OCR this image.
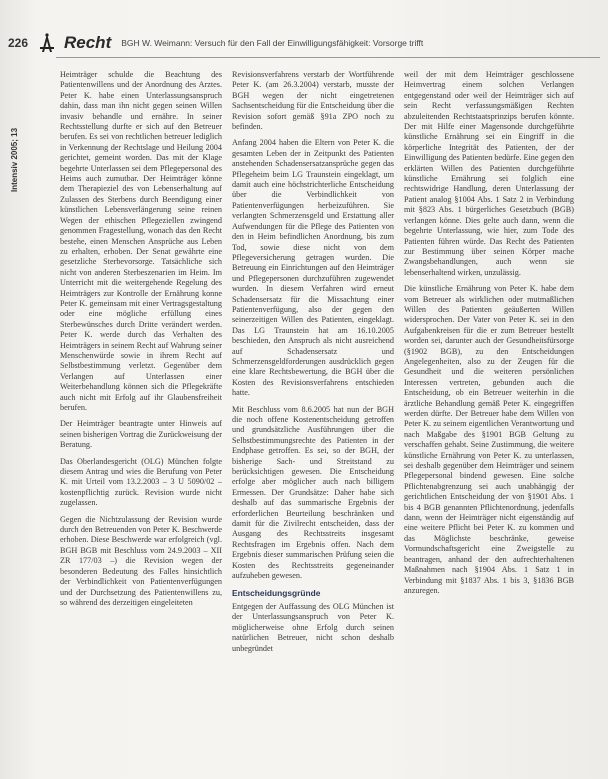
226 Recht BGH W. Weimann: Versuch für den Fall der Einwilligungsfähigkeit: Vorsorge trifft
Intensiv 2005; 13

Heimträger schulde die Beachtung des Patientenwillens und der Anordnung des Arztes. Peter K. habe einen Unterlassungsanspruch dahin, dass man ihn nicht gegen seinen Willen invasiv behandle und ernähre. In seiner Rechtsstellung durfte er sich auf den Betreuer berufen. Es sei von rechtlichen betreuer lediglich in Verkennung der Rechtslage und Heilung 2004 gerichtet, gemeint worden. Das mit der Klage begehrte Unterlassen sei dem Pflegepersonal des Heims auch zumutbar. Der Heimträger könne dem Therapieziel des von Lebenserhaltung auf Zulassen des Sterbens durch Beendigung einer künstlichen Lebensverlängerung seine reinen Wegen der ethischen Pflegeziellen zwingend genommen Fragestellung, wonach das den Recht bestehe, einen Menschen Ansprüche aus Leben zu erhalten, erhoben. Der Senat gewährte eine gesetzliche Sterbevorsorge. Tatsächliche sich nicht von anderen Sterbeszenarien im Heim. Im Unterricht mit die weitergehende Regelung des Heimträgers zur Kontrolle der Ernährung konne Peter K. gemeinsam mit einer Vertragsgestaltung oder eine mögliche erfüllung eines Sterbewünsches durch Dritte verändert werden. Peter K. werde durch das Verhalten des Heimträgers in seinem Recht auf Wahrung seiner Menschenwürde sowie in ihrem Recht auf Selbstbestimmung verletzt. Gegenüber dem Verlangen auf Unterlassen einer Weiterbehandlung können sich die Pflegekräfte auch nicht mit Erfolg auf ihr Glaubensfreiheit berufen.

Der Heimträger beantragte unter Hinweis auf seinen bisherigen Vortrag die Zurückweisung der Beratung.

Das Oberlandesgericht (OLG) München folgte diesem Antrag und wies die Berufung von Peter K. mit Urteil vom 13.2.2003 – 3 U 5090/02 – kostenpflichtig zurück. Revision wurde nicht zugelassen.

Gegen die Nichtzulassung der Revision wurde durch den Betreuenden von Peter K. Beschwerde erhoben. Diese Beschwerde war erfolgreich (vgl. BGH BGB mit Beschluss vom 24.9.2003 – XII ZR 177/03 –) die Revision wegen der besonderen Bedeutung des Falles hinsichtlich der Verbindlichkeit von Patientenverfügungen und der Durchsetzung des Patientenwillens zu, so während des derzeitigen eingeleiteten

Revisionsverfahrens verstarb der Wortführende Peter K. (am 26.3.2004) verstarb, musste der BGH wegen der nicht eingetretenen Sachsentscheidung für die Entscheidung über die Revision sofort gemäß §91a ZPO noch zu befinden.

Anfang 2004 haben die Eltern von Peter K. die gesamten Leben der in Zeitpunkt des Patienten anstehenden Schadensersatzansprüche gegen das Pflegeheim beim LG Traunstein eingeklagt, um damit auch eine höchstrichterliche Entscheidung über die Verbindlichkeit von Patientenverfügungen herbeizuführen. Sie verlangten Schmerzensgeld und Erstattung aller Aufwendungen für die Pflege des Patienten von den in Heim befindlichen Anordnung, bis zum Tod, sowie diese nicht von dem Pflegeversicherung getragen wurden. Die Betreuung ein Einrichtungen auf den Heimträger und Pflegepersonen durchzuführen zugewendet wurden. In diesem Verfahren wird erneut Schadensersatz für die Missachtung einer Patientenverfügung, also der gegen den seinerzeitigen Willen des Patienten, eingeklagt. Das LG Traunstein hat am 16.10.2005 beschieden, den Anspruch als nicht ausreichend auf Schadensersatz und Schmerzensgeldforderungen ausdrücklich gegen eine klare Rechtsbewertung, die BGH über die Kosten des Revisionsverfahrens entschieden hatte.

Mit Beschluss vom 8.6.2005 hat nun der BGH die noch offene Kostenentscheidung getroffen und grundsätzliche Ausführungen über die Selbstbestimmungsrechte des Patienten in der Endphase getroffen. Es sei, so der BGH, der bisherige Sach- und Streitstand zu berücksichtigen gewesen. Die Entscheidung erfolge aber möglicher auch nach billigem Ermessen. Der Grundsätze: Daher habe sich deshalb auf das summarische Ergebnis der erforderlichen Beurteilung beschränken und damit für die Zivilrecht entscheiden, dass der Ausgang des Rechtsstreits insgesamt Rechtsfragen im Ergebnis offen. Nach dem Ergebnis dieser summarischen Prüfung seien die Kosten des Rechtsstreits gegeneinander aufzuheben gewesen.

Entscheidungsgründe

Entgegen der Auffassung des OLG München ist der Unterlassungsanspruch von Peter K. möglicherweise ohne Erfolg durch seinen natürlichen Betreuer, nicht schon deshalb unbegründet

weil der mit dem Heimträger geschlossene Heimvertrag einem solchen Verlangen entgegenstand oder weil der Heimträger sich auf sein Recht verfassungsmäßigen Rechten abzuleitenden Rechtstaatsprinzips berufen könnte. Der mit Hilfe einer Magensonde durchgeführte künstliche Ernährung sei ein Eingriff in die körperliche Integrität des Patienten, der der Einwilligung des Patienten bedürfe. Eine gegen den erklärten Willen des Patienten durchgeführte künstliche Ernährung sei folglich eine rechtswidrige Handlung, deren Unterlassung der Patient analog §1004 Abs. 1 Satz 2 in Verbindung mit §823 Abs. 1 bürgerliches Gesetzbuch (BGB) verlangen könne. Dies gelte auch dann, wenn die begehrte Unterlassung, wie hier, zum Tode des Patienten führen würde. Das Recht des Patienten zur Bestimmung über seinen Körper mache Zwangsbehandlungen, auch wenn sie lebenserhaltend wirken, unzulässig.

Die künstliche Ernährung von Peter K. habe dem vom Betreuer als wirklichen oder mutmaßlichen Willen des Patienten geäußerten Willen widersprochen. Der Vater von Peter K. sei in den Aufgabenkreisen für die er zum Betreuer bestellt worden sei, darunter auch der Gesundheitsfürsorge (§1902 BGB), zu den Entscheidungen Angelegenheiten, also zu der Zeugen für die Gesundheit und die weiteren persönlichen Interessen vertreten, gebunden auch die Entscheidung, ob ein Betreuer weiterhin in die ärztliche Behandlung gemäß Peter K. eingegriffen werden dürfte. Der Betreuer habe dem Willen von Peter K. zu seinem eigentlichen Verantwortung und nach Maßgabe des §1901 BGB Geltung zu verschaffen gehabt. Seine Zustimmung, die weitere künstliche Ernährung von Peter K. zu unterlassen, sei deshalb gegenüber dem Heimträger und seinem Pflegepersonal bindend gewesen. Eine solche Pflichtenabgrenzung sei auch unabhängig der gerichtlichen Entscheidung der von §1901 Abs. 1 bis 4 BGB genannten Pflichtenordnung, jedenfalls dann, wenn der Heimträger nicht eigenständig auf eine weitere Pflicht bei Peter K. zu kommen und das Möglichste beschränke, geweise Vormundschaftsgericht eine Zweigstelle zu beantragen, anhand der den aufrechterhaltenen Maßnahmen nach §1904 Abs. 1 Satz 1 in Verbindung mit §1837 Abs. 1 bis 3, §1836 BGB anzuregen.
